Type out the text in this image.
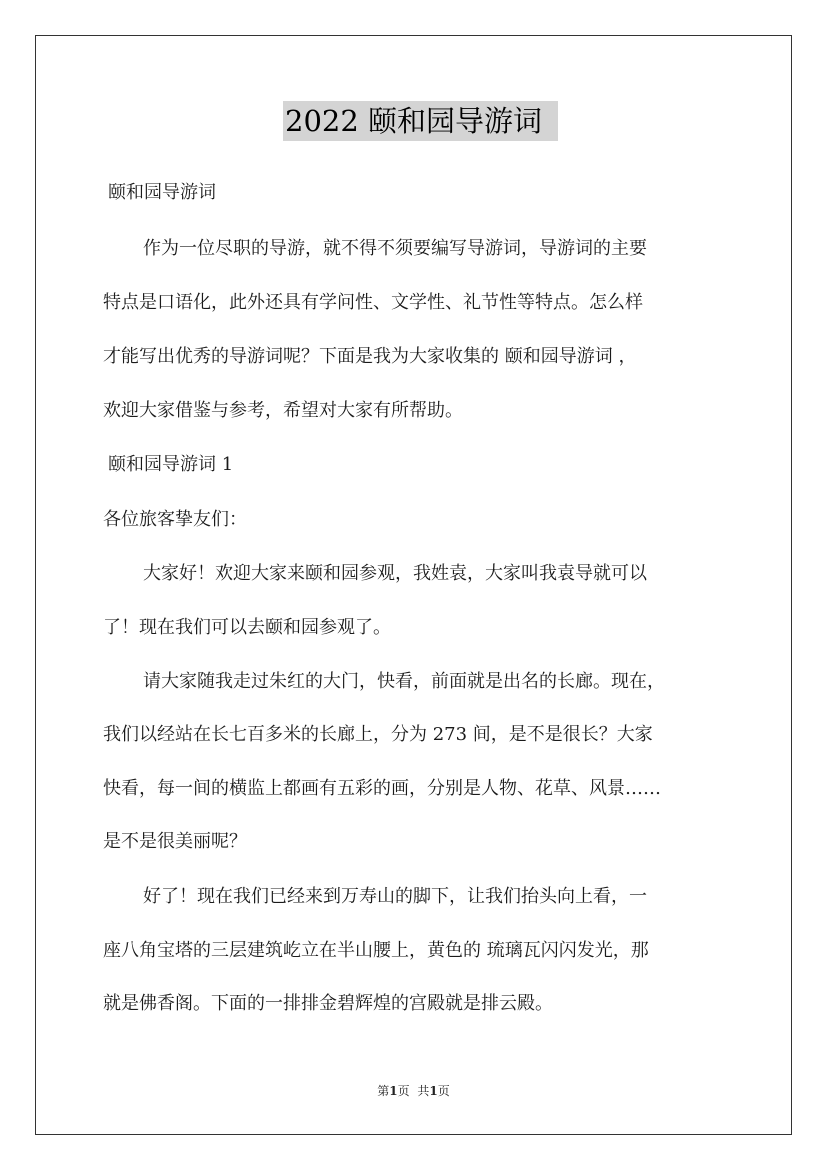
2022 颐和园导游词
颐和园导游词
作为一位尽职的导游，就不得不须要编写导游词，导游词的主要
特点是口语化，此外还具有学问性、文学性、礼节性等特点。怎么样
才能写出优秀的导游词呢？下面是我为大家收集的 颐和园导游词 ，
欢迎大家借鉴与参考，希望对大家有所帮助。
颐和园导游词 1
各位旅客挚友们：
大家好！欢迎大家来颐和园参观，我姓袁，大家叫我袁导就可以
了！现在我们可以去颐和园参观了。
请大家随我走过朱红的大门，快看，前面就是出名的长廊。现在，
我们以经站在长七百多米的长廊上，分为 273 间，是不是很长？大家
快看，每一间的横监上都画有五彩的画，分别是人物、花草、风景……
是不是很美丽呢？
好了！现在我们已经来到万寿山的脚下，让我们抬头向上看，一
座八角宝塔的三层建筑屹立在半山腰上，黄色的 琉璃瓦闪闪发光，那
就是佛香阁。下面的一排排金碧辉煌的宫殿就是排云殿。
第1页 共1页
